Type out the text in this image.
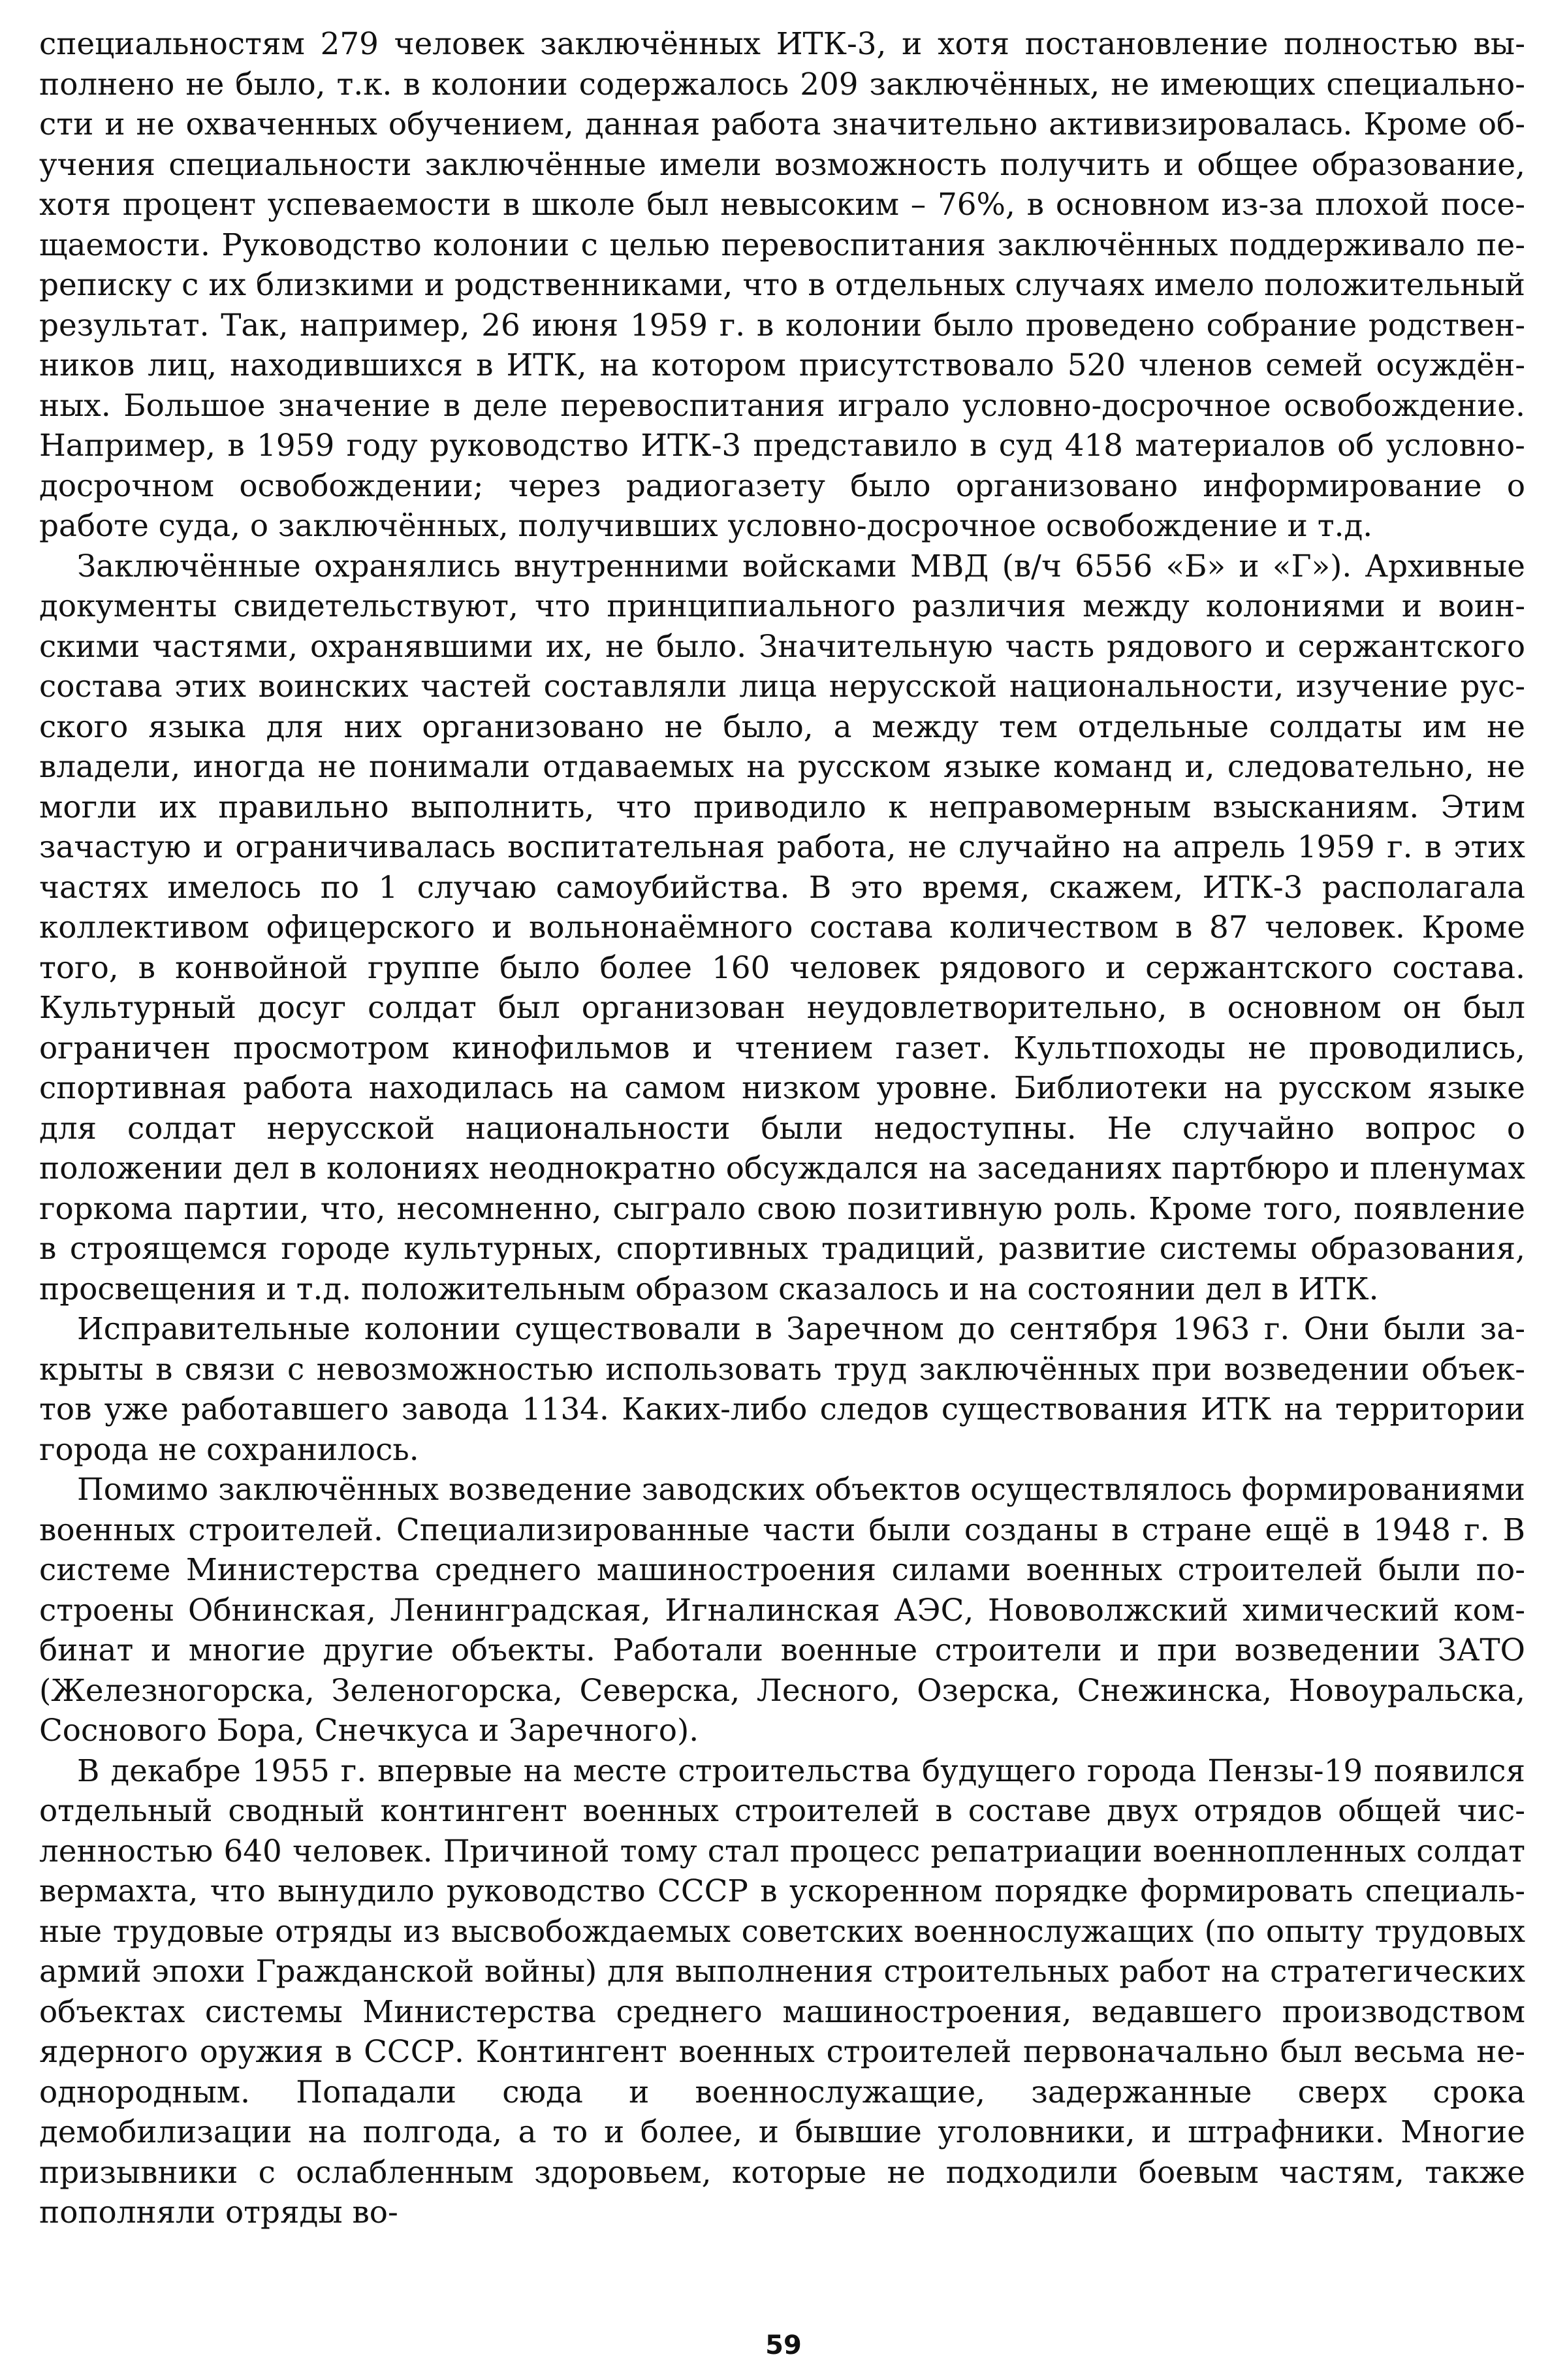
специальностям 279 человек заключённых ИТК-3, и хотя постановление полностью выполнено не было, т.к. в колонии содержалось 209 заключённых, не имеющих специальности и не охваченных обучением, данная работа значительно активизировалась. Кроме обучения специальности заключённые имели возможность получить и общее образование, хотя процент успеваемости в школе был невысоким – 76%, в основном из-за плохой посещаемости. Руководство колонии с целью перевоспитания заключённых поддерживало переписку с их близкими и родственниками, что в отдельных случаях имело положительный результат. Так, например, 26 июня 1959 г. в колонии было проведено собрание родственников лиц, находившихся в ИТК, на котором присутствовало 520 членов семей осуждённых. Большое значение в деле перевоспитания играло условно-досрочное освобождение. Например, в 1959 году руководство ИТК-3 представило в суд 418 материалов об условно-досрочном освобождении; через радиогазету было организовано информирование о работе суда, о заключённых, получивших условно-досрочное освобождение и т.д.

Заключённые охранялись внутренними войсками МВД (в/ч 6556 «Б» и «Г»). Архивные документы свидетельствуют, что принципиального различия между колониями и воинскими частями, охранявшими их, не было. Значительную часть рядового и сержантского состава этих воинских частей составляли лица нерусской национальности, изучение русского языка для них организовано не было, а между тем отдельные солдаты им не владели, иногда не понимали отдаваемых на русском языке команд и, следовательно, не могли их правильно выполнить, что приводило к неправомерным взысканиям. Этим зачастую и ограничивалась воспитательная работа, не случайно на апрель 1959 г. в этих частях имелось по 1 случаю самоубийства. В это время, скажем, ИТК-3 располагала коллективом офицерского и вольнонаёмного состава количеством в 87 человек. Кроме того, в конвойной группе было более 160 человек рядового и сержантского состава. Культурный досуг солдат был организован неудовлетворительно, в основном он был ограничен просмотром кинофильмов и чтением газет. Культпоходы не проводились, спортивная работа находилась на самом низком уровне. Библиотеки на русском языке для солдат нерусской национальности были недоступны. Не случайно вопрос о положении дел в колониях неоднократно обсуждался на заседаниях партбюро и пленумах горкома партии, что, несомненно, сыграло свою позитивную роль. Кроме того, появление в строящемся городе культурных, спортивных традиций, развитие системы образования, просвещения и т.д. положительным образом сказалось и на состоянии дел в ИТК.

Исправительные колонии существовали в Заречном до сентября 1963 г. Они были закрыты в связи с невозможностью использовать труд заключённых при возведении объектов уже работавшего завода 1134. Каких-либо следов существования ИТК на территории города не сохранилось.

Помимо заключённых возведение заводских объектов осуществлялось формированиями военных строителей. Специализированные части были созданы в стране ещё в 1948 г. В системе Министерства среднего машиностроения силами военных строителей были построены Обнинская, Ленинградская, Игналинская АЭС, Нововолжский химический комбинат и многие другие объекты. Работали военные строители и при возведении ЗАТО (Железногорска, Зеленогорска, Северска, Лесного, Озерска, Снежинска, Новоуральска, Соснового Бора, Снечкуса и Заречного).

В декабре 1955 г. впервые на месте строительства будущего города Пензы-19 появился отдельный сводный контингент военных строителей в составе двух отрядов общей численностью 640 человек. Причиной тому стал процесс репатриации военнопленных солдат вермахта, что вынудило руководство СССР в ускоренном порядке формировать специальные трудовые отряды из высвобождаемых советских военнослужащих (по опыту трудовых армий эпохи Гражданской войны) для выполнения строительных работ на стратегических объектах системы Министерства среднего машиностроения, ведавшего производством ядерного оружия в СССР. Контингент военных строителей первоначально был весьма неоднородным. Попадали сюда и военнослужащие, задержанные сверх срока демобилизации на полгода, а то и более, и бывшие уголовники, и штрафники. Многие призывники с ослабленным здоровьем, которые не подходили боевым частям, также пополняли отряды во-

59
